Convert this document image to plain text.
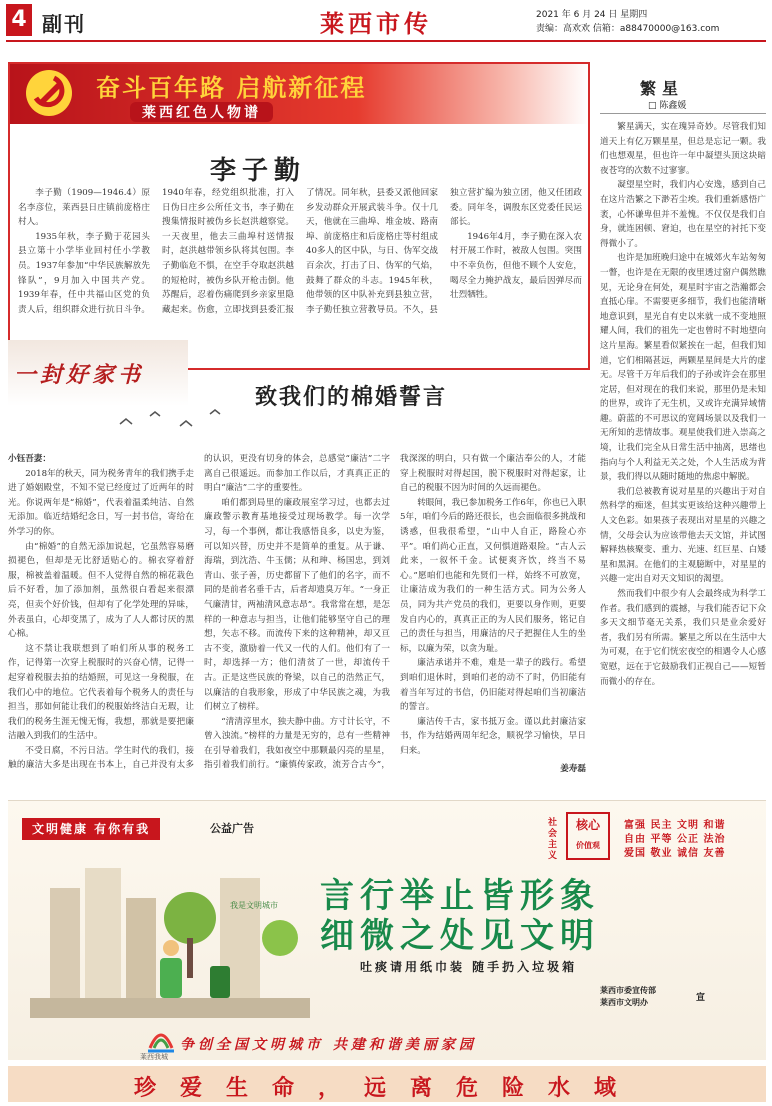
4 副刊	莱西市传	2021 年 6 月 24 日 星期四
责编：高欢欢 信箱：a88470000@163.com
奋斗百年路 启航新征程
莱西红色人物谱
李子勤

李子勤（1909—1946.4）原名李彦位，莱西县日庄镇前庞格庄村人。

1935年秋，李子勤于花园头县立第十小学毕业回村任小学教员。1937年参加“中华民族解放先锋队”，9月加入中国共产党。1939年春，任中共福山区党的负责人后，组织群众进行抗日斗争。1940年春，经党组织批准，打入日伪日庄乡公所任文书，李子勤在搜集情报时被伪乡长赵洪越察觉。一天夜里，他去三曲埠村送情报时，赵洪越带领乡队将其包围。李子勤临危不惧，在空手夺取赵洪越的短枪时，被伪乡队开枪击倒。他苏醒后，忍着伤痛爬到乡亲家里隐藏起来。伤愈，立即找到县委汇报了情况。同年秋，县委又派他回家乡发动群众开展武装斗争。仅十几天，他就在三曲埠、堆金坡、路南埠、前庞格庄和后庞格庄等村组成40多人的区中队，与日、伪军交战百余次，打击了日、伪军的气焰，鼓舞了群众的斗志。1945年秋，他带领的区中队补充到县独立营，李子勤任独立营教导员。不久，县独立营扩编为独立团，他又任团政委。同年冬，调殷东区党委任民运部长。

1946年4月，李子勤在深入农村开展工作时，被敌人包围。突围中不幸负伤，但他不顾个人安危，喝尽全力掩护战友，最后因弹尽而壮烈牺牲。

一封好家书
致我们的棉婚誓言

小钰吾妻：

2018年的秋天，同为税务青年的我们携手走进了婚姻殿堂，不知不觉已经度过了近两年的时光。你说两年是“棉婚”，代表着温柔纯洁、自然无添加。临近结婚纪念日，写一封书信，寄给在外学习的你。

由“棉婚”的自然无添加说起，它虽然容易磨损褪色，但却是无比舒适贴心的。棉衣穿着舒服，棉被盖着温暖。但不人觉得自然的棉花栽色后不好看，加了添加剂，虽然很白看起来很漂亮，但卖个好价钱，但却有了化学处理的异味，外表虽白，心却变黑了，成为了人人都讨厌的黑心棉。

这不禁让我联想到了咱们所从事的税务工作，记得第一次穿上税服时的兴奋心情，记得一起穿着税服去拍的结婚照，可见这一身税服，在我们心中的地位。它代表着每个税务人的责任与担当，那如何能让我们的税服始终洁白无瑕，让我们的税务生涯无愧无悔，我想，那就是要把廉洁融入到我们的生活中。

不受日腐，不污日洁。学生时代的我们，接触的廉洁大多是出现在书本上，自己并没有太多的认识，更没有切身的体会，总感觉“廉洁”二字离自己很遥远。而参加工作以后，才真真正正的明白“廉洁”二字的重要性。

咱们都到局里的廉政展室学习过，也都去过廉政警示教育基地接受过现场教学。每一次学习，每一个事例，都让我感悟良多，以史为鉴，可以知兴替，历史并不是简单的重复。从于谦、海瑞，到沈浩、牛玉儒；从和珅、杨国忠，到刘青山、张子善，历史都留下了他们的名字，而不同的是前者名垂千古，后者却遗臭万年。“一身正气廉清甘，两袖清风意志昂”。我常常在想，是怎样的一种意志与担当，让他们能够坚守自己的理想，矢志不移。而流传下来的这种精神，却又亘古不变，激励着一代又一代的人们。他们有了一时，却选择一方；他们清贫了一世，却流传千古。正是这些民族的脊梁，以自己的浩然正气，以廉洁的自我形象，形成了中华民族之魂，为我们树立了榜样。

“清清淳里水，独夫静中曲。方寸计长守，不曾入浊流。”榜样的力量是无穷的，总有一些精神在引导着我们，我如夜空中那颗最闪亮的星星，指引着我们前行。“廉慎传家政，流芳合古今”，我深深的明白，只有做一个廉洁奉公的人，才能穿上税服时对得起国，脱下税服时对得起家，让自己的税服不因为时间的久远而褪色。

转眼间，我已参加税务工作6年，你也已入职5年，咱们今后的路还很长，也会面临很多挑战和诱惑，但我很希望，“山中人自正，路险心亦平”。咱们尚心正直，又何惧道路艰险。“古人云此来，一叙怀千金。试便爽齐饮，终当不易心。”愿咱们也能和先贤们一样，始终不可放宽，让廉洁成为我们的一种生活方式。同为公务人员，同为共产党员的我们，更要以身作则，更要发自内心的，真真正正的为人民们服务，铭记自己的责任与担当，用廉洁的尺子把握住人生的坐标，以廉为荣，以贪为耻。

廉洁承诺并不难，难是一辈子的践行。希望到咱们退休时，到咱们老的动不了时，仍旧能有着当年写过的书信，仍旧能对得起咱们当初廉洁的誓言。

廉洁传千古，家书抵万金。谨以此封廉洁家书，作为结婚两周年纪念，顺祝学习愉快，早日归来。

姜寿磊

繁星
□ 陈鑫媛

繁星满天，实在瑰异奇妙。尽管我们知道天上有亿万颗星星，但总是忘记一颗。我们也想观星，但也许一年中凝望头顶这块暗夜苍穹的次数不过寥寥。

凝望星空时，我们内心安逸，感到自己在这片浩繁之下渺若尘埃。我们重新感悟广袤，心怀谦卑但并不羞愧。不仅仅是我们自身，就连困顿、窘迫，也在星空的衬托下变得微小了。

也许是加班晚归途中在城郊火车站匆匆一瞥，也许是在无限的夜里透过窗户偶然瞧见，无论身在何处，观星时宇宙之浩瀚都会直抵心扉。不需要更多细节，我们也能清晰地意识到，星光自有史以来就一成不变地照耀人间，我们的祖先一定也曾时不时地望向这片星海。繁星看似紧挨在一起，但我们知道，它们相隔甚远，两颗星星间是大片的虚无。尽管千万年后我们的子孙或许会在那里定居，但对现在的我们来说，那里仍是未知的世界，或许了无生机，又或许充满异域情趣。蔚蓝的不可思议的宽阔场景以及我们一无所知的悲情故事。观星使我们进入崇高之境，让我们完全从日常生活中抽离，思绪也指向与个人利益无关之处，个人生活成为背景，我们得以从随时随地的焦虑中解脱。

我们总被教育说对星星的兴趣出于对自然科学的痴迷，但其实更该给这种兴趣带上人文色彩。如果孩子表现出对星星的兴趣之情，父母会认为应该带他去天文馆，并试图解释热核聚变、重力、光速、红巨星、白矮星和黑洞。在他们的主观臆断中，对星星的兴趣一定出自对天文知识的渴望。

然而我们中很少有人会最终成为科学工作者。我们感到的震撼，与我们能否记下众多天文细节毫无关系，我们只是业余爱好者，我们另有所需。繁星之所以在生活中大为可观，在于它们恍宏夜空的相遇令人心感宽慰，远在于它鼓励我们正视自己——短暂而微小的存在。

文明健康 有你有我	公益广告	社会主义
核心
价值观
富强 民主 文明 和谐
自由 平等 公正 法治
爱国 敬业 诚信 友善
我是文明城市 言行举止皆形象
细微之处见文明
吐痰请用纸巾装 随手扔入垃圾箱
莱西市委宣传部
莱西市文明办	宣
莱西我城
争创全国文明城市 共建和谐美丽家园
珍爱生命，远离危险水域
